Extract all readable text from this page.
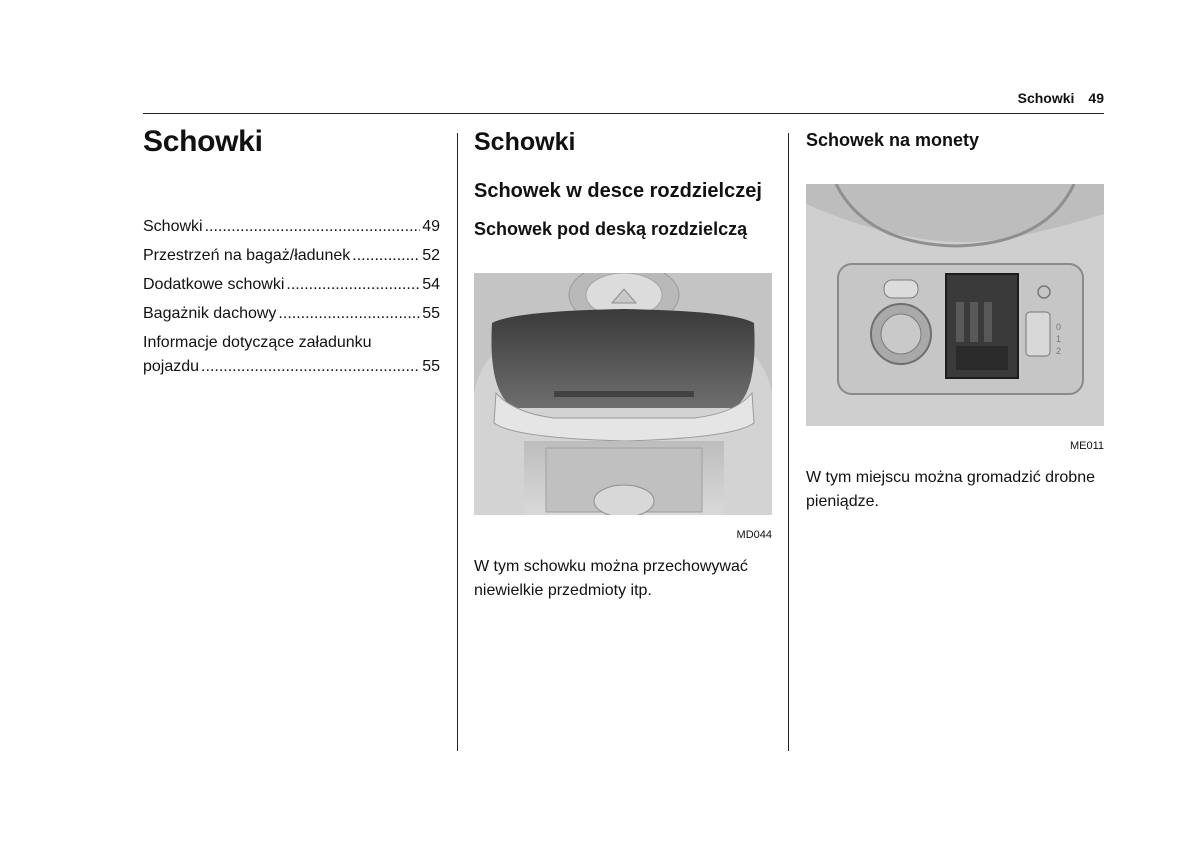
Schowki 49
Schowki
Schowki .....	49
Przestrzeń na bagaż/ładunek .....	52
Dodatkowe schowki .....	54
Bagażnik dachowy .....	55
Informacje dotyczące załadunku
pojazdu .....	55
Schowki
Schowek w desce rozdzielczej
Schowek pod deską rozdzielczą
MD044
W tym schowku można przechowywać niewielkie przedmioty itp.
Schowek na monety
0
1
2
ME011
W tym miejscu można gromadzić drobne pieniądze.
